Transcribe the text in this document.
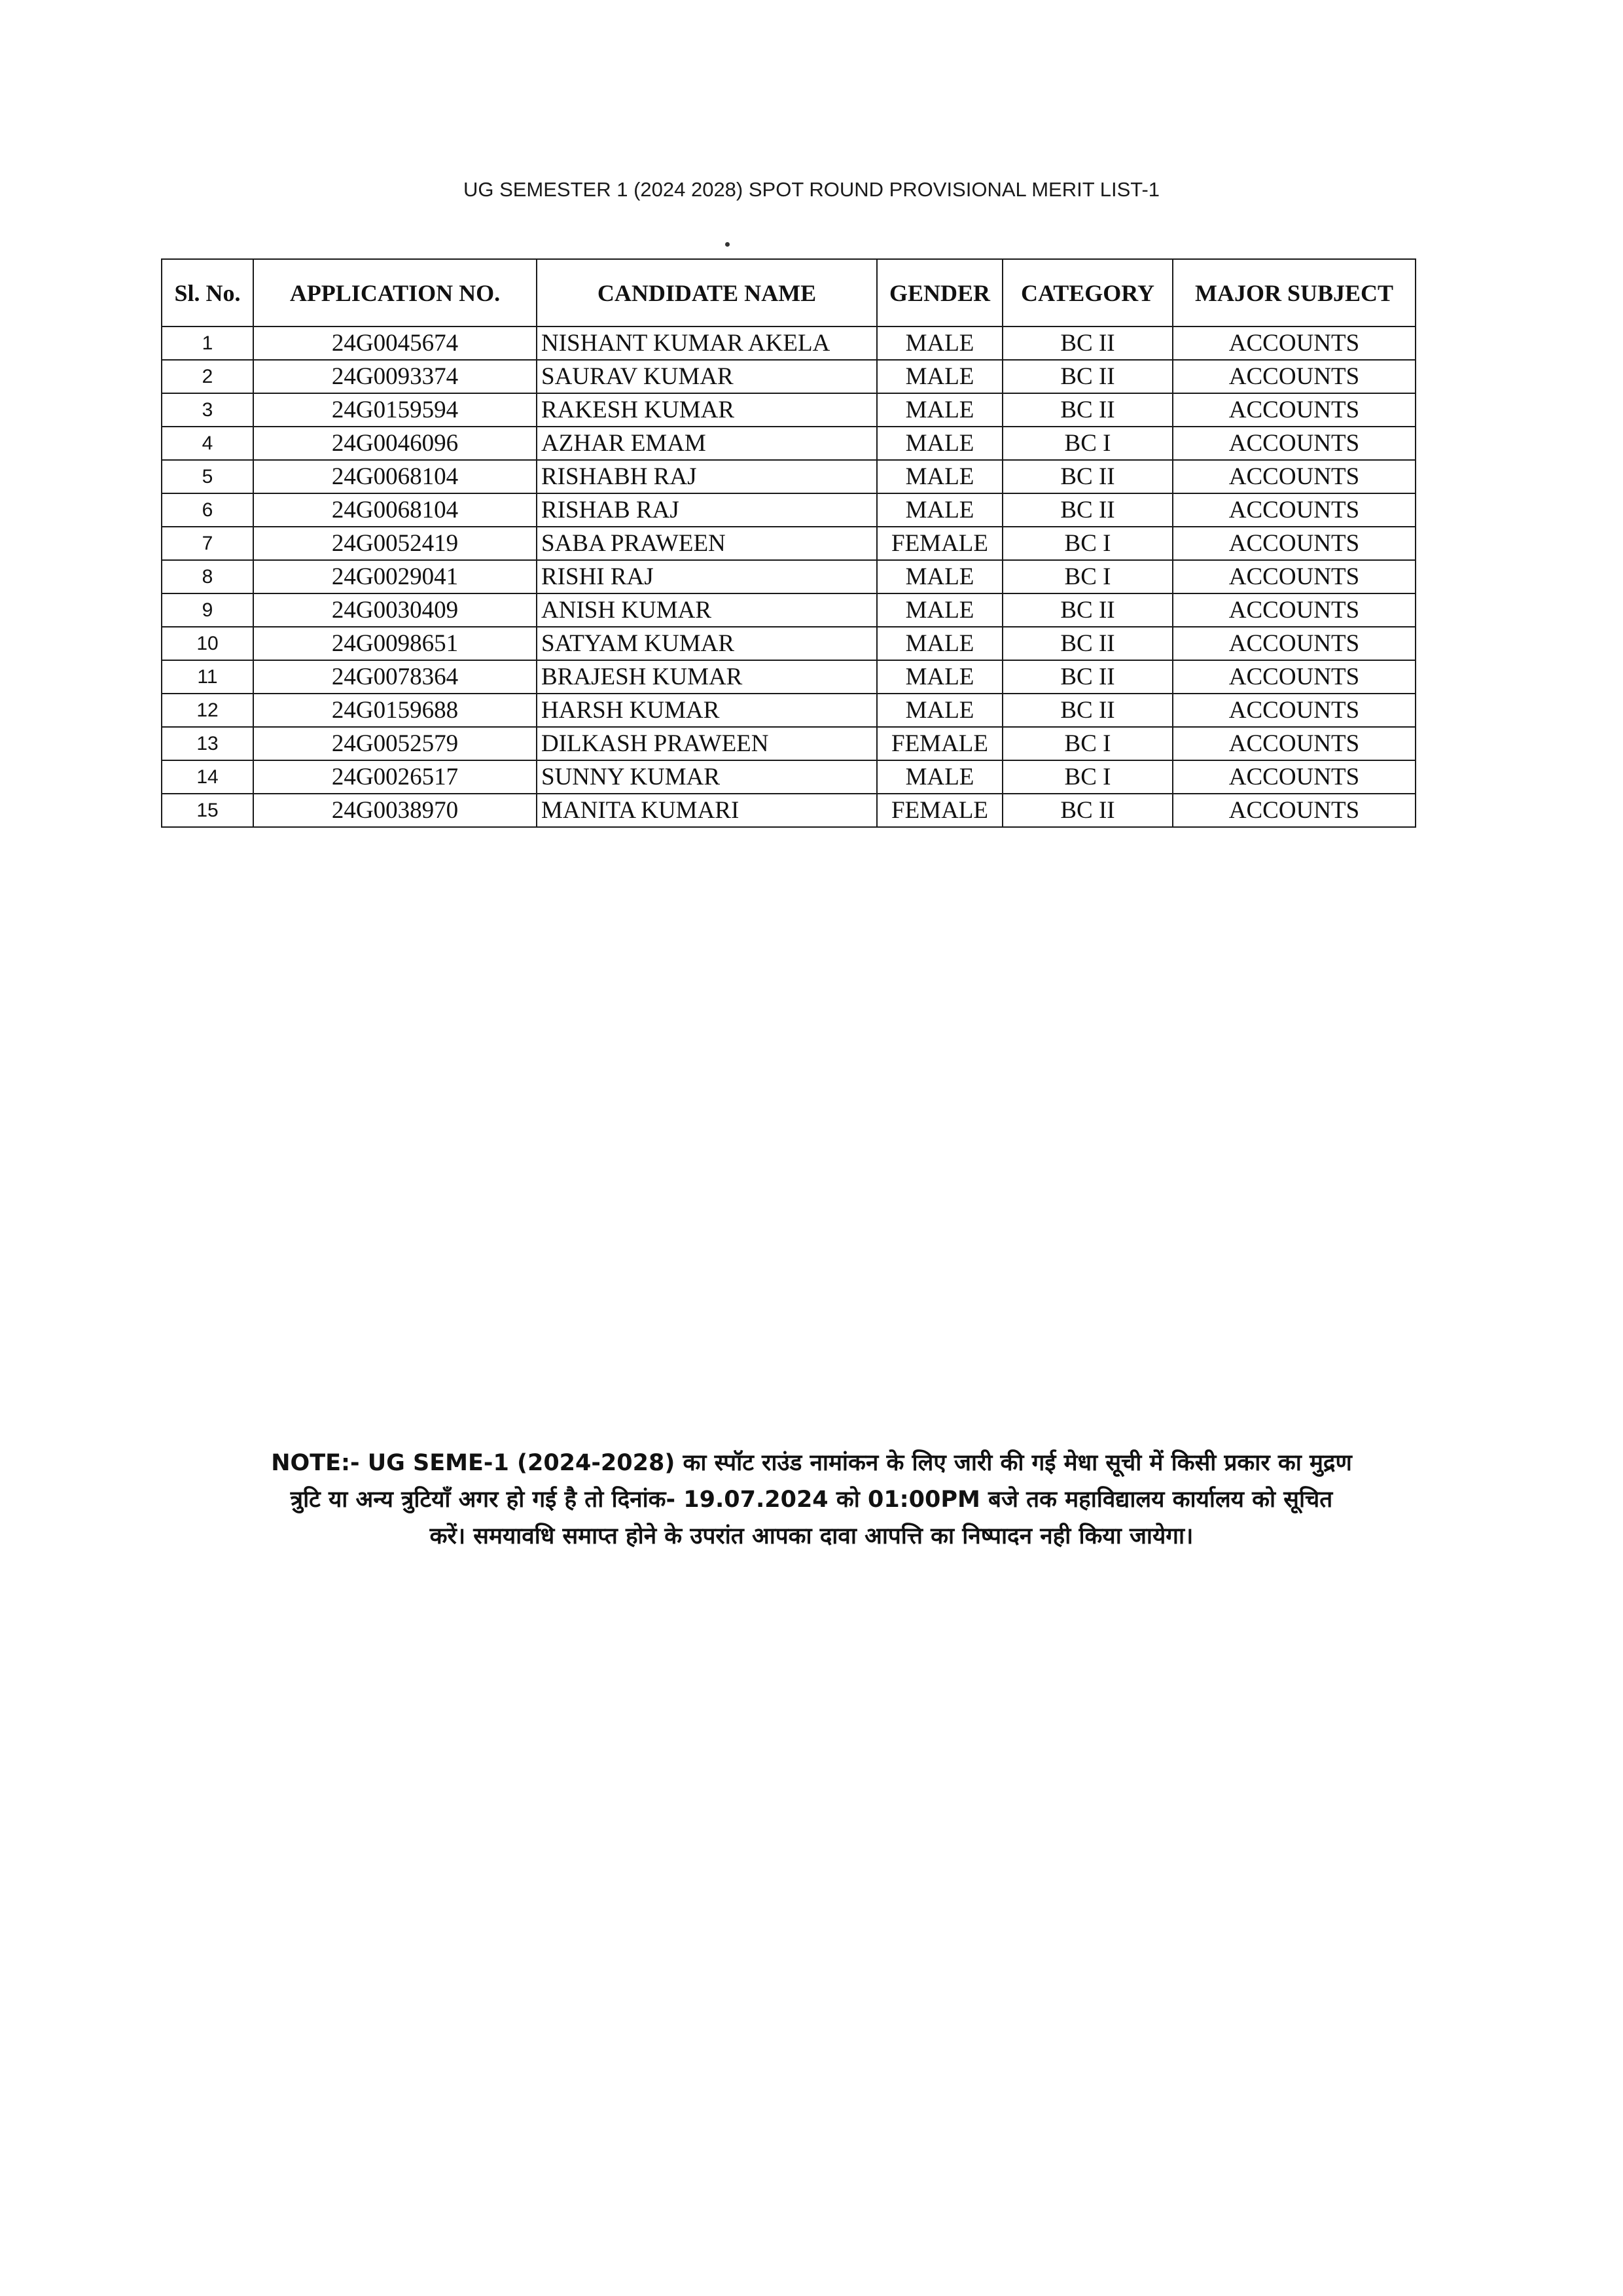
UG SEMESTER 1 (2024 2028) SPOT ROUND PROVISIONAL MERIT LIST-1
Sl. No.	APPLICATION NO.	CANDIDATE NAME	GENDER	CATEGORY	MAJOR SUBJECT
1	24G0045674	NISHANT KUMAR AKELA	MALE	BC II	ACCOUNTS
2	24G0093374	SAURAV KUMAR	MALE	BC II	ACCOUNTS
3	24G0159594	RAKESH KUMAR	MALE	BC II	ACCOUNTS
4	24G0046096	AZHAR EMAM	MALE	BC I	ACCOUNTS
5	24G0068104	RISHABH RAJ	MALE	BC II	ACCOUNTS
6	24G0068104	RISHAB RAJ	MALE	BC II	ACCOUNTS
7	24G0052419	SABA PRAWEEN	FEMALE	BC I	ACCOUNTS
8	24G0029041	RISHI RAJ	MALE	BC I	ACCOUNTS
9	24G0030409	ANISH KUMAR	MALE	BC II	ACCOUNTS
10	24G0098651	SATYAM KUMAR	MALE	BC II	ACCOUNTS
11	24G0078364	BRAJESH KUMAR	MALE	BC II	ACCOUNTS
12	24G0159688	HARSH KUMAR	MALE	BC II	ACCOUNTS
13	24G0052579	DILKASH PRAWEEN	FEMALE	BC I	ACCOUNTS
14	24G0026517	SUNNY KUMAR	MALE	BC I	ACCOUNTS
15	24G0038970	MANITA KUMARI	FEMALE	BC II	ACCOUNTS
NOTE:- UG SEME-1 (2024-2028) का स्पॉट राउंड नामांकन के लिए जारी की गई मेधा सूची में किसी प्रकार का मुद्रण
त्रुटि या अन्य त्रुटियाँ अगर हो गई है तो दिनांक- 19.07.2024 को 01:00PM बजे तक महाविद्यालय कार्यालय को सूचित
करें। समयावधि समाप्त होने के उपरांत आपका दावा आपत्ति का निष्पादन नही किया जायेगा।
